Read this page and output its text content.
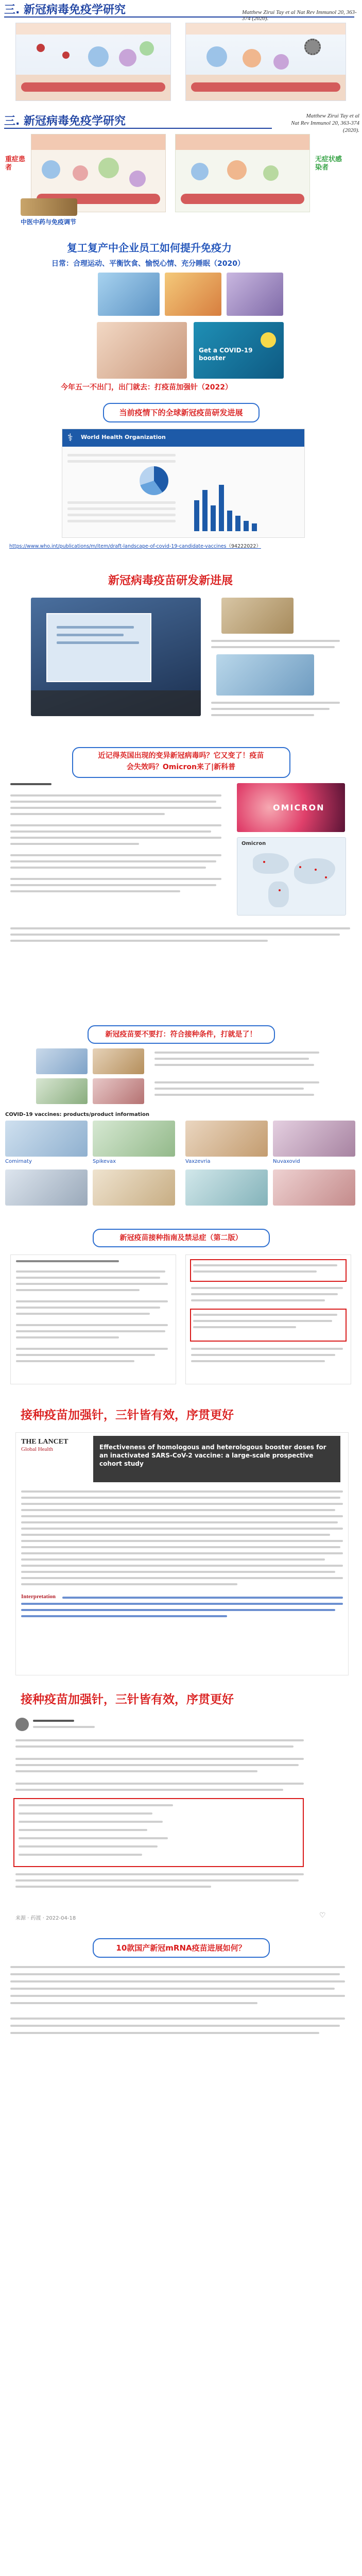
三. 新冠病毒免疫学研究	Matthew Zirui Tay et al Nat Rev Immunol 20, 363-374 (2020).
三. 新冠病毒免疫学研究	Matthew Zirui Tay et al
Nat Rev Immunol 20, 363-374 (2020).
重症患者
无症状感染者
中医中药与免疫调节
复工复产中企业员工如何提升免疫力
日常：合理运动、平衡饮食、愉悦心情、充分睡眠（2020）
Get a COVID-19 booster
今年五一不出门，出门就去：打疫苗加强针（2022）
当前疫情下的全球新冠疫苗研发进展
⚕ World Health Organization
https://www.who.int/publications/m/item/draft-landscape-of-covid-19-candidate-vaccines（94222022）
新冠病毒疫苗研发新进展
近记得英国出现的变异新冠病毒吗？它又变了！疫苗
会失效吗？Omicron来了|新科普
OMICRON
Omicron
新冠疫苗要不要打：符合接种条件，打就是了！
COVID-19 vaccines: products/product information
Comirnaty	Spikevax	Vaxzevria	Nuvaxovid
新冠疫苗接种指南及禁忌症（第二版）
接种疫苗加强针，三针皆有效，序贯更好
THE LANCET
Global Health	Effectiveness of homologous and heterologous booster doses for an inactivated SARS-CoV-2 vaccine: a large-scale prospective cohort study
Interpretation
接种疫苗加强针，三针皆有效，序贯更好
来源 · 药渡 · 2022-04-18	♡
10款国产新冠mRNA疫苗进展如何？
